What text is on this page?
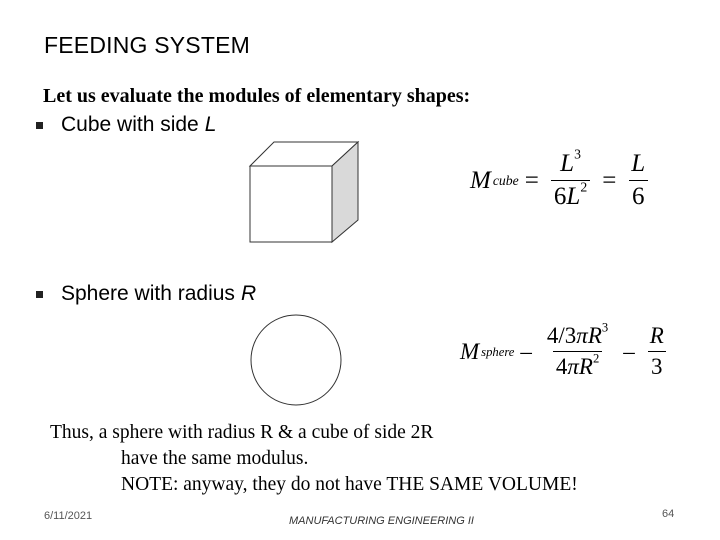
FEEDING SYSTEM
Let us evaluate the modules of elementary shapes:
Cube with side L
M cube = $\frac{L^3}{6L^2} = \frac{L}{6}$
Sphere with radius R
M sphere – $\frac{4/3\pi R^3}{4\pi R^2} - \frac{R}{3}$
Thus, a sphere with radius R & a cube of side 2R
have the same modulus.
NOTE: anyway, they do not have THE SAME VOLUME!
6/11/2021	MANUFACTURING ENGINEERING II
64
